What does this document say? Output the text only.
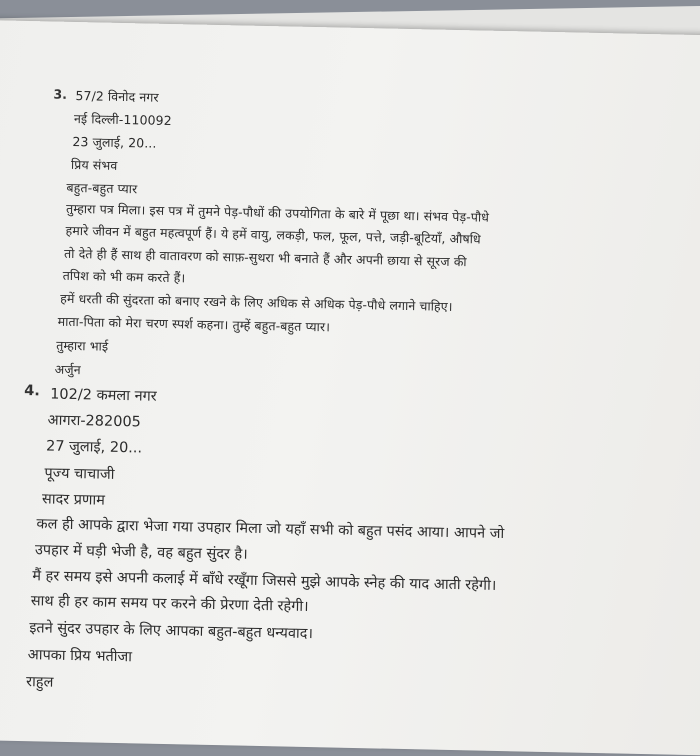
3. 57/2 विनोद नगर
नई दिल्ली-110092
23 जुलाई, 20...
प्रिय संभव
बहुत-बहुत प्यार
तुम्हारा पत्र मिला। इस पत्र में तुमने पेड़-पौधों की उपयोगिता के बारे में पूछा था। संभव पेड़-पौधे
हमारे जीवन में बहुत महत्वपूर्ण हैं। ये हमें वायु, लकड़ी, फल, फूल, पत्ते, जड़ी-बूटियाँ, औषधि
तो देते ही हैं साथ ही वातावरण को साफ़-सुथरा भी बनाते हैं और अपनी छाया से सूरज की
तपिश को भी कम करते हैं।
हमें धरती की सुंदरता को बनाए रखने के लिए अधिक से अधिक पेड़-पौधे लगाने चाहिए।
माता-पिता को मेरा चरण स्पर्श कहना। तुम्हें बहुत-बहुत प्यार।
तुम्हारा भाई
अर्जुन
4. 102/2 कमला नगर
आगरा-282005
27 जुलाई, 20...
पूज्य चाचाजी
सादर प्रणाम
कल ही आपके द्वारा भेजा गया उपहार मिला जो यहाँ सभी को बहुत पसंद आया। आपने जो
उपहार में घड़ी भेजी है, वह बहुत सुंदर है।
मैं हर समय इसे अपनी कलाई में बाँधे रखूँगा जिससे मुझे आपके स्नेह की याद आती रहेगी।
साथ ही हर काम समय पर करने की प्रेरणा देती रहेगी।
इतने सुंदर उपहार के लिए आपका बहुत-बहुत धन्यवाद।
आपका प्रिय भतीजा
राहुल
